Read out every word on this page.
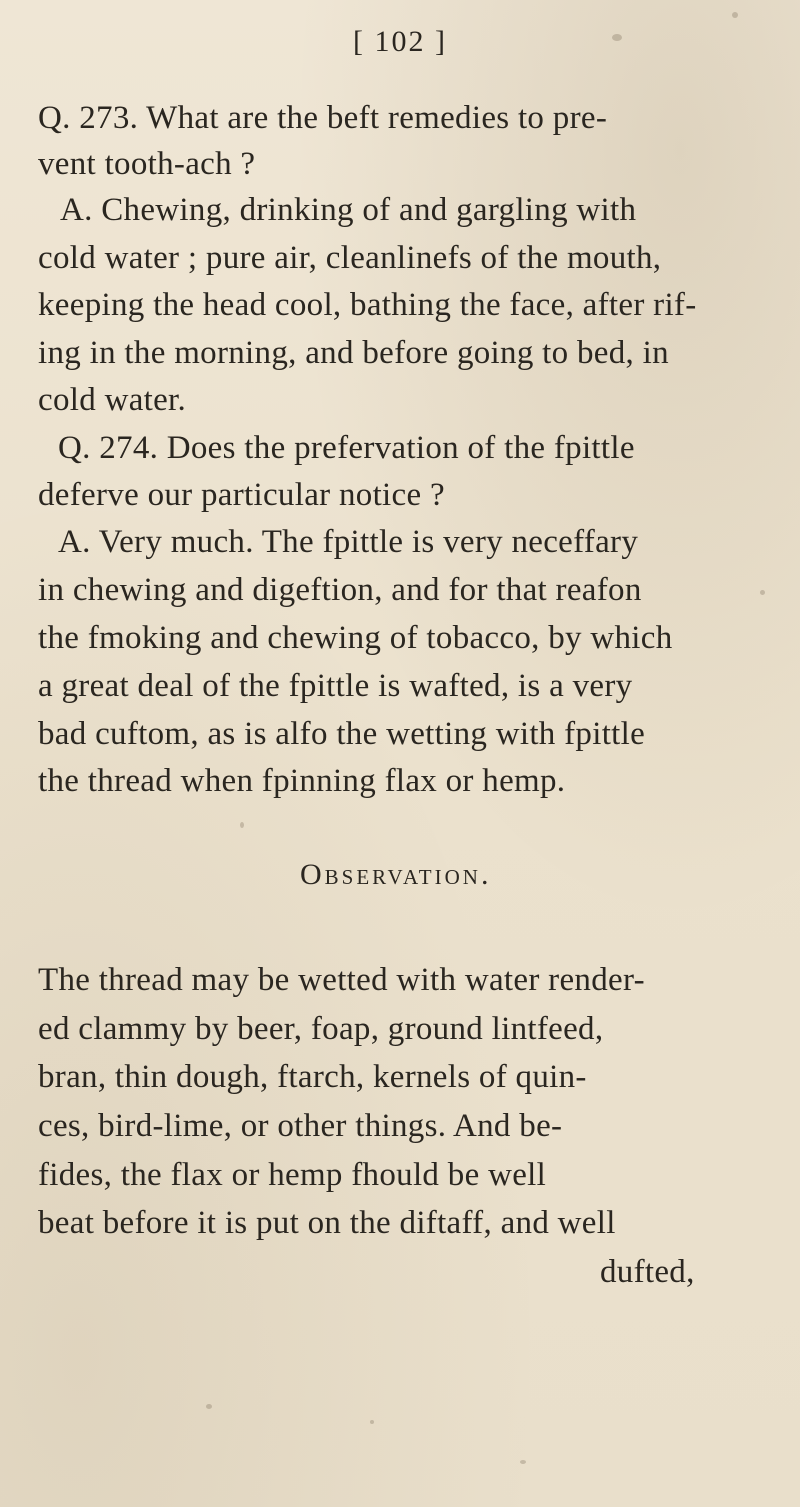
[ 102 ]
Q. 273. What are the beft remedies to pre-
vent tooth-ach ?
A. Chewing, drinking of and gargling with
cold water ; pure air, cleanlinefs of the mouth,
keeping the head cool, bathing the face, after rif-
ing in the morning, and before going to bed, in
cold water.
Q. 274. Does the prefervation of the fpittle
deferve our particular notice ?
A. Very much. The fpittle is very neceffary
in chewing and digeftion, and for that reafon
the fmoking and chewing of tobacco, by which
a great deal of the fpittle is wafted, is a very
bad cuftom, as is alfo the wetting with fpittle
the thread when fpinning flax or hemp.
Observation.
The thread may be wetted with water render-
ed clammy by beer, foap, ground lintfeed,
bran, thin dough, ftarch, kernels of quin-
ces, bird-lime, or other things. And be-
fides, the flax or hemp fhould be well
beat before it is put on the diftaff, and well
dufted,
